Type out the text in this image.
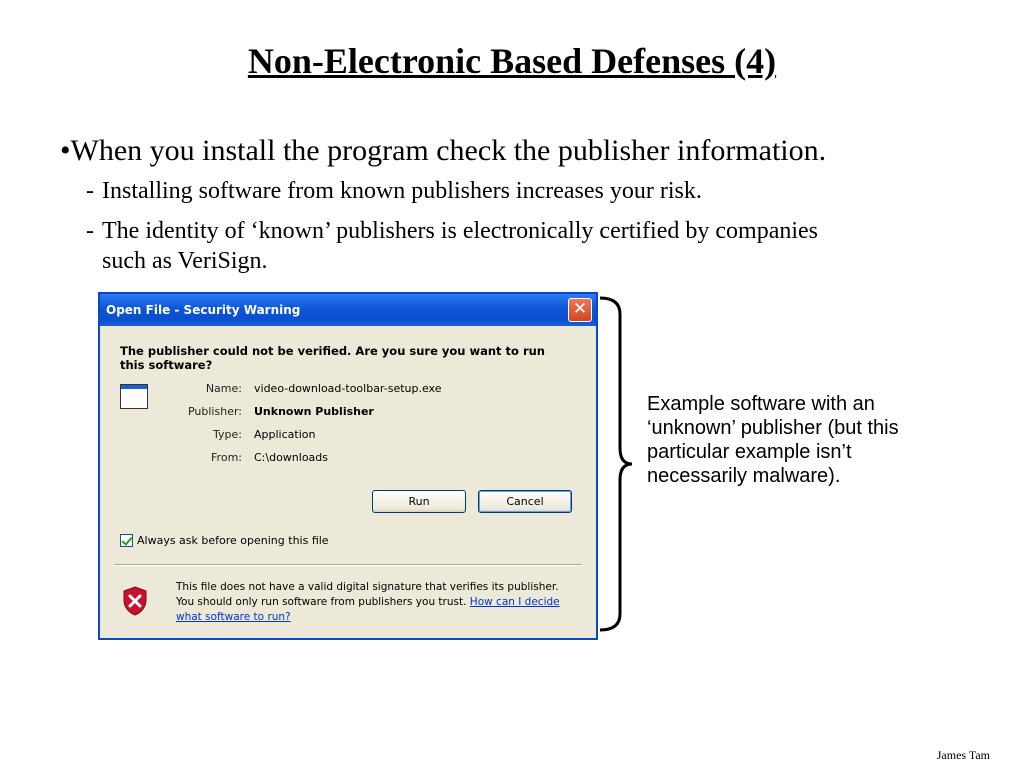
Non-Electronic Based Defenses (4)
•When you install the program check the publisher information.
- Installing software from known publishers increases your risk.
- The identity of ‘known’ publishers is electronically certified by companies
such as VeriSign.
Open File - Security Warning	✕
The publisher could not be verified. Are you sure you want to run this software?
Name:	video-download-toolbar-setup.exe
Publisher:	Unknown Publisher
Type:	Application
From:	C:\downloads
Run	Cancel
Always ask before opening this file
This file does not have a valid digital signature that verifies its publisher. You should only run software from publishers you trust. How can I decide what software to run?
Example software with an ‘unknown’ publisher (but this particular example isn’t necessarily malware).
James Tam
